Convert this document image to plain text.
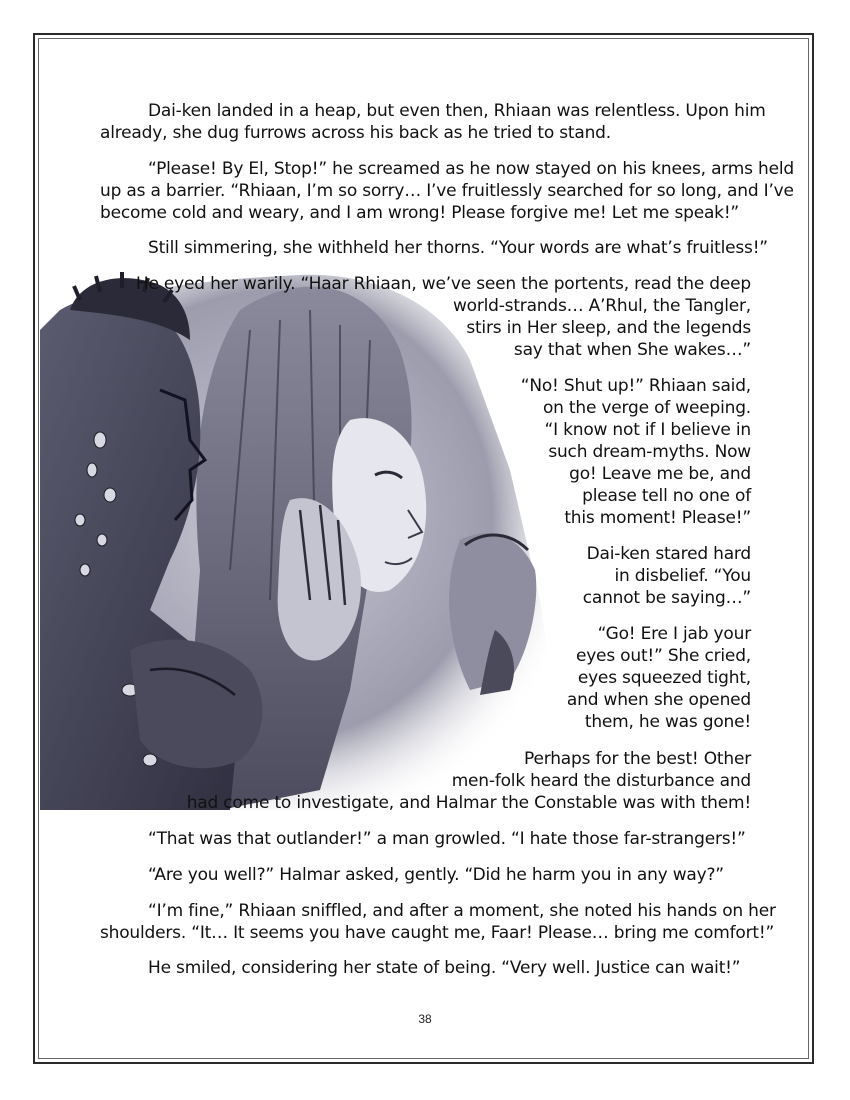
Dai-ken landed in a heap, but even then, Rhiaan was relentless. Upon him
already, she dug furrows across his back as he tried to stand.
“Please! By El, Stop!” he screamed as he now stayed on his knees, arms held
up as a barrier. “Rhiaan, I’m so sorry… I’ve fruitlessly searched for so long, and I’ve
become cold and weary, and I am wrong! Please forgive me! Let me speak!”
Still simmering, she withheld her thorns. “Your words are what’s fruitless!”
He eyed her warily. “Haar Rhiaan, we’ve seen the portents, read the deep
world-strands… A’Rhul, the Tangler,
stirs in Her sleep, and the legends
say that when She wakes…”
“No! Shut up!” Rhiaan said,
on the verge of weeping.
“I know not if I believe in
such dream-myths. Now
go! Leave me be, and
please tell no one of
this moment! Please!”
Dai-ken stared hard
in disbelief. “You
cannot be saying…”
“Go! Ere I jab your
eyes out!” She cried,
eyes squeezed tight,
and when she opened
them, he was gone!
Perhaps for the best! Other
men-folk heard the disturbance and
had come to investigate, and Halmar the Constable was with them!
“That was that outlander!” a man growled. “I hate those far-strangers!”
“Are you well?” Halmar asked, gently. “Did he harm you in any way?”
“I’m fine,” Rhiaan sniffled, and after a moment, she noted his hands on her
shoulders. “It… It seems you have caught me, Faar! Please… bring me comfort!”
He smiled, considering her state of being. “Very well. Justice can wait!”
38
